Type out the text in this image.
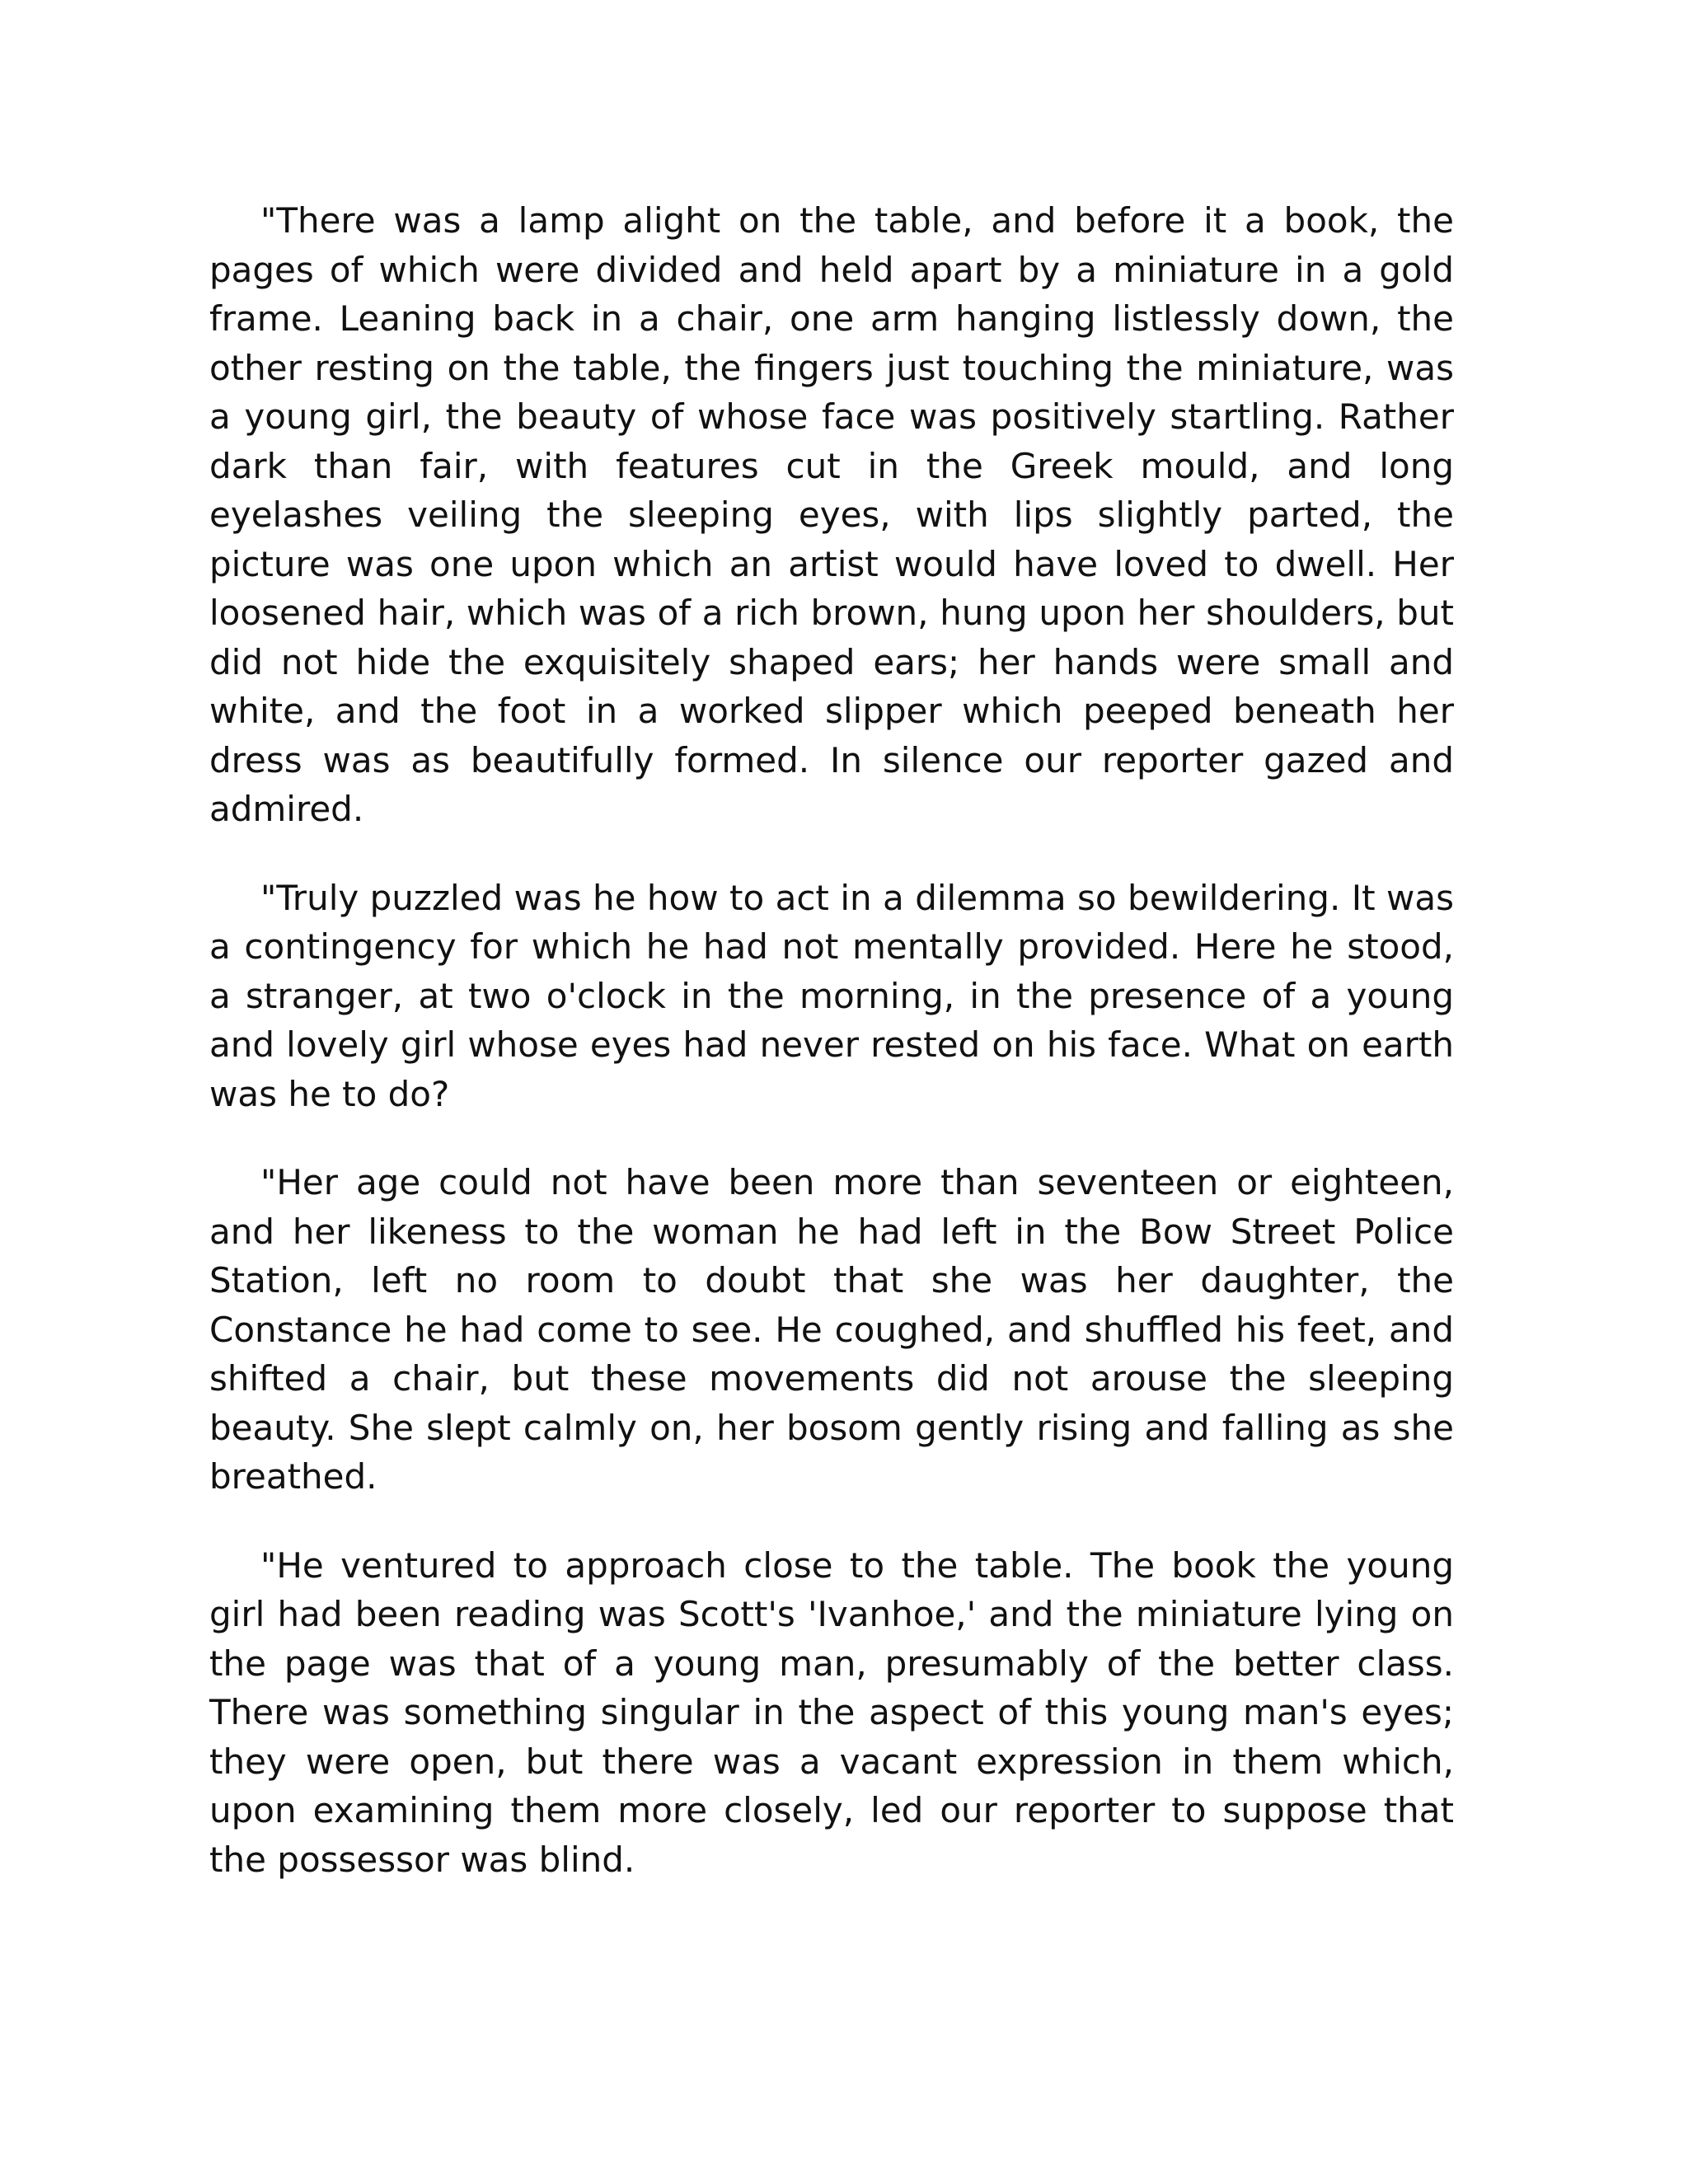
"There was a lamp alight on the table, and before it a book, the pages of which were divided and held apart by a miniature in a gold frame. Leaning back in a chair, one arm hanging listlessly down, the other resting on the table, the fingers just touching the miniature, was a young girl, the beauty of whose face was positively startling. Rather dark than fair, with features cut in the Greek mould, and long eyelashes veiling the sleeping eyes, with lips slightly parted, the picture was one upon which an artist would have loved to dwell. Her loosened hair, which was of a rich brown, hung upon her shoulders, but did not hide the exquisitely shaped ears; her hands were small and white, and the foot in a worked slipper which peeped beneath her dress was as beautifully formed. In silence our reporter gazed and admired.

"Truly puzzled was he how to act in a dilemma so bewildering. It was a contingency for which he had not mentally provided. Here he stood, a stranger, at two o'clock in the morning, in the presence of a young and lovely girl whose eyes had never rested on his face. What on earth was he to do?

"Her age could not have been more than seventeen or eighteen, and her likeness to the woman he had left in the Bow Street Police Station, left no room to doubt that she was her daughter, the Constance he had come to see. He coughed, and shuffled his feet, and shifted a chair, but these movements did not arouse the sleeping beauty. She slept calmly on, her bosom gently rising and falling as she breathed.

"He ventured to approach close to the table. The book the young girl had been reading was Scott's 'Ivanhoe,' and the miniature lying on the page was that of a young man, presumably of the better class. There was something singular in the aspect of this young man's eyes; they were open, but there was a vacant expression in them which, upon examining them more closely, led our reporter to suppose that the possessor was blind.
